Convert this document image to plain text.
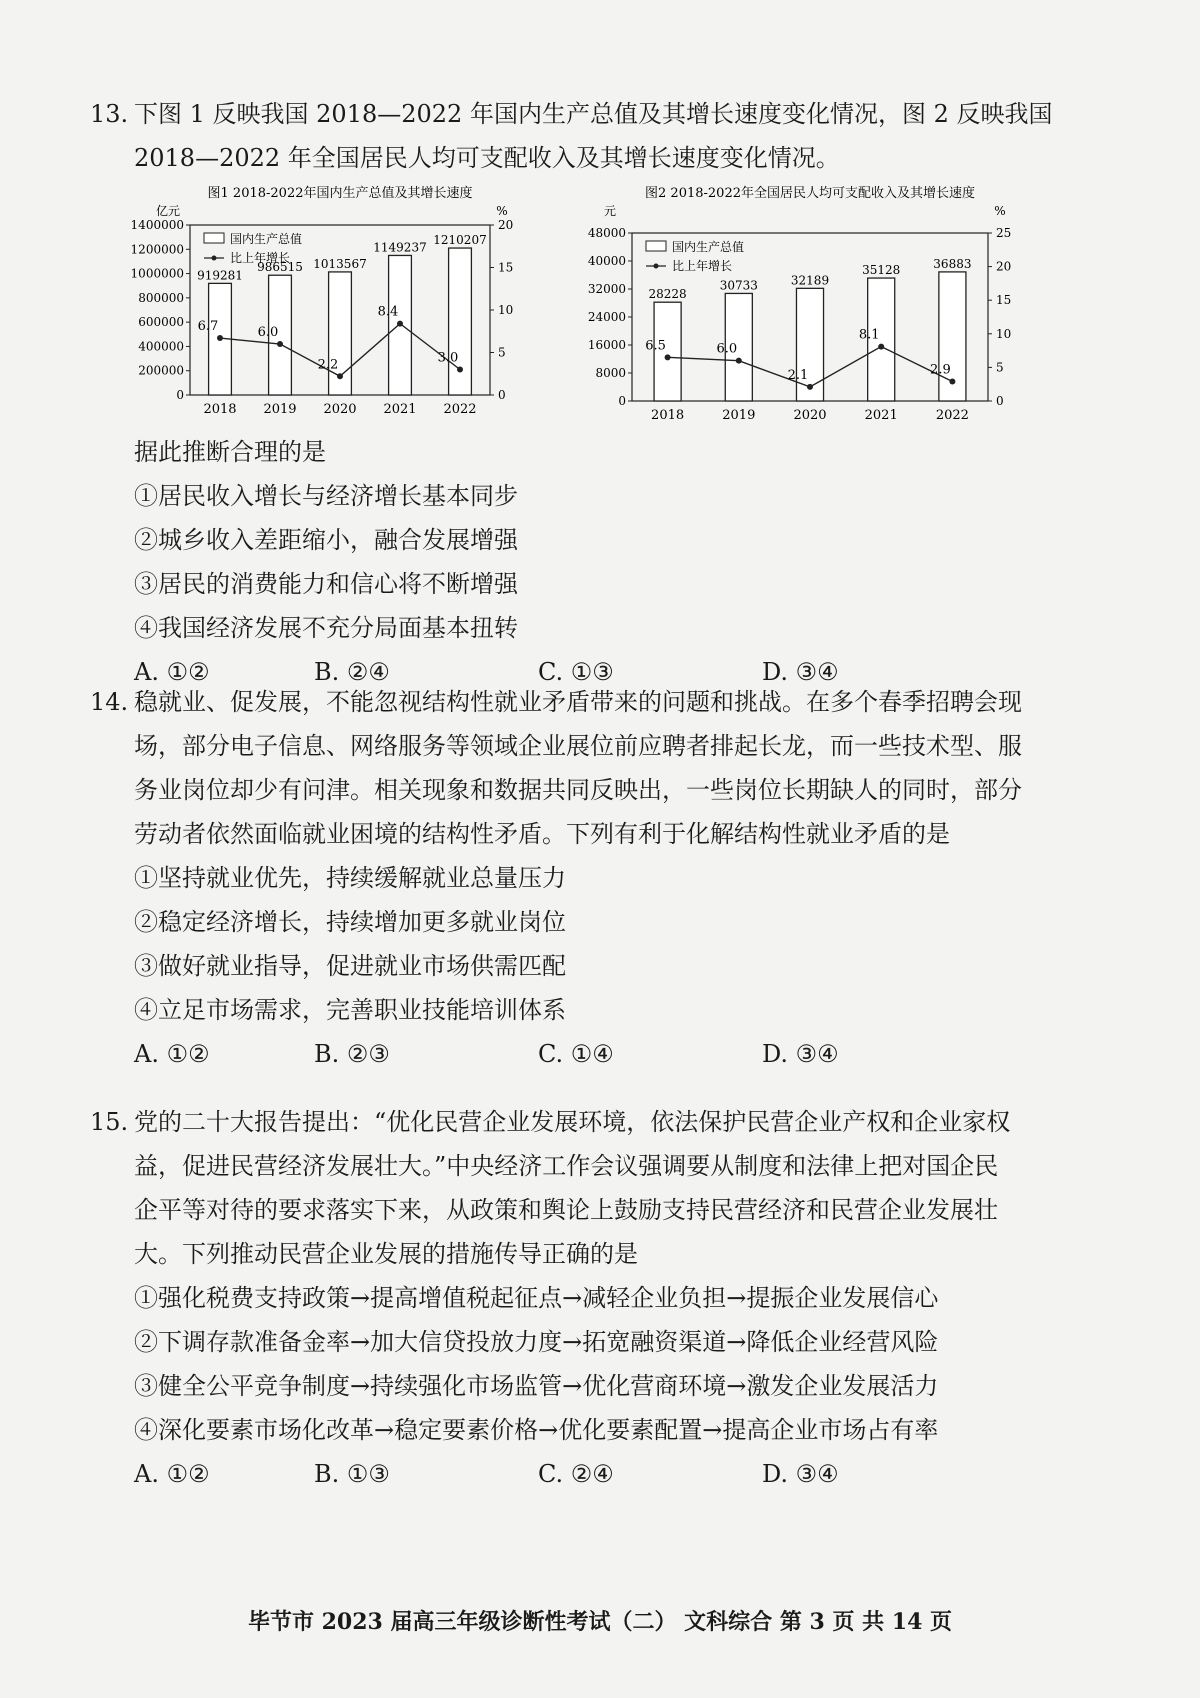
13. 下图 1 反映我国 2018—2022 年国内生产总值及其增长速度变化情况，图 2 反映我国

2018—2022 年全国居民人均可支配收入及其增长速度变化情况。

图1 2018-2022年国内生产总值及其增长速度
亿元	%
0
200000
400000
600000
800000
1000000
1200000
1400000
0
5
10
15
20
919281
986515 1013567
1149237
1210207
2018 2019 2020 2021 2022
6.7	6.0
2.2
8.4
3.0
国内生产总值
比上年增长
图2 2018-2022年全国居民人均可支配收入及其增长速度
元	%
0
8000
16000
24000
32000
40000
48000
0
5
10
15
20
25
28228
30733	32189
35128	36883
2018	2019	2020	2021	2022
6.5	6.0
2.1
8.1
2.9
国内生产总值
比上年增长

据此推断合理的是

①居民收入增长与经济增长基本同步

②城乡收入差距缩小，融合发展增强

③居民的消费能力和信心将不断增强

④我国经济发展不充分局面基本扭转

A. ①②	B. ②④	C. ①③	D. ③④

14. 稳就业、促发展，不能忽视结构性就业矛盾带来的问题和挑战。在多个春季招聘会现

场，部分电子信息、网络服务等领域企业展位前应聘者排起长龙，而一些技术型、服

务业岗位却少有问津。相关现象和数据共同反映出，一些岗位长期缺人的同时，部分

劳动者依然面临就业困境的结构性矛盾。下列有利于化解结构性就业矛盾的是

①坚持就业优先，持续缓解就业总量压力

②稳定经济增长，持续增加更多就业岗位

③做好就业指导，促进就业市场供需匹配

④立足市场需求，完善职业技能培训体系

A. ①②	B. ②③	C. ①④	D. ③④

15. 党的二十大报告提出：“优化民营企业发展环境，依法保护民营企业产权和企业家权

益，促进民营经济发展壮大。”中央经济工作会议强调要从制度和法律上把对国企民

企平等对待的要求落实下来，从政策和舆论上鼓励支持民营经济和民营企业发展壮

大。下列推动民营企业发展的措施传导正确的是

①强化税费支持政策→提高增值税起征点→减轻企业负担→提振企业发展信心

②下调存款准备金率→加大信贷投放力度→拓宽融资渠道→降低企业经营风险

③健全公平竞争制度→持续强化市场监管→优化营商环境→激发企业发展活力

④深化要素市场化改革→稳定要素价格→优化要素配置→提高企业市场占有率

A. ①②	B. ①③	C. ②④	D. ③④
毕节市 2023 届高三年级诊断性考试（二） 文科综合 第 3 页 共 14 页
